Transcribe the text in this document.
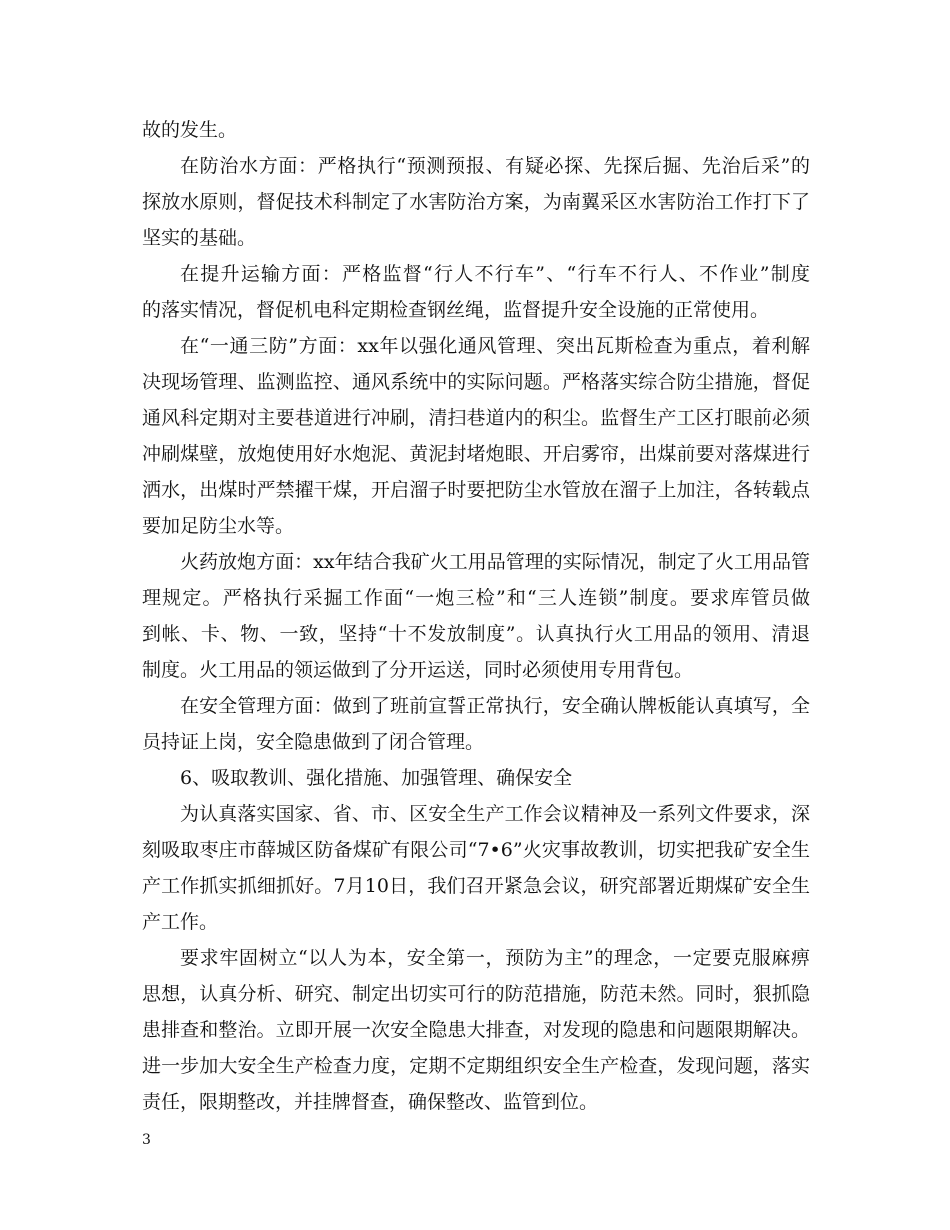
故的发生。
在防治水方面：严格执行“预测预报、有疑必探、先探后掘、先治后采”的
探放水原则，督促技术科制定了水害防治方案，为南翼采区水害防治工作打下了
坚实的基础。
在提升运输方面：严格监督“行人不行车”、“行车不行人、不作业”制度
的落实情况，督促机电科定期检查钢丝绳，监督提升安全设施的正常使用。
在“一通三防”方面：xx年以强化通风管理、突出瓦斯检查为重点，着利解
决现场管理、监测监控、通风系统中的实际问题。严格落实综合防尘措施，督促
通风科定期对主要巷道进行冲刷，清扫巷道内的积尘。监督生产工区打眼前必须
冲刷煤壁，放炮使用好水炮泥、黄泥封堵炮眼、开启雾帘，出煤前要对落煤进行
洒水，出煤时严禁擢干煤，开启溜子时要把防尘水管放在溜子上加注，各转载点
要加足防尘水等。
火药放炮方面：xx年结合我矿火工用品管理的实际情况，制定了火工用品管
理规定。严格执行采掘工作面“一炮三检”和“三人连锁”制度。要求库管员做
到帐、卡、物、一致，坚持“十不发放制度”。认真执行火工用品的领用、清退
制度。火工用品的领运做到了分开运送，同时必须使用专用背包。
在安全管理方面：做到了班前宣誓正常执行，安全确认牌板能认真填写，全
员持证上岗，安全隐患做到了闭合管理。
6、吸取教训、强化措施、加强管理、确保安全
为认真落实国家、省、市、区安全生产工作会议精神及一系列文件要求，深
刻吸取枣庄市薛城区防备煤矿有限公司“7•6”火灾事故教训，切实把我矿安全生
产工作抓实抓细抓好。7月10日，我们召开紧急会议，研究部署近期煤矿安全生
产工作。
要求牢固树立“以人为本，安全第一，预防为主”的理念，一定要克服麻痹
思想，认真分析、研究、制定出切实可行的防范措施，防范未然。同时，狠抓隐
患排查和整治。立即开展一次安全隐患大排查，对发现的隐患和问题限期解决。
进一步加大安全生产检查力度，定期不定期组织安全生产检查，发现问题，落实
责任，限期整改，并挂牌督查，确保整改、监管到位。
3
